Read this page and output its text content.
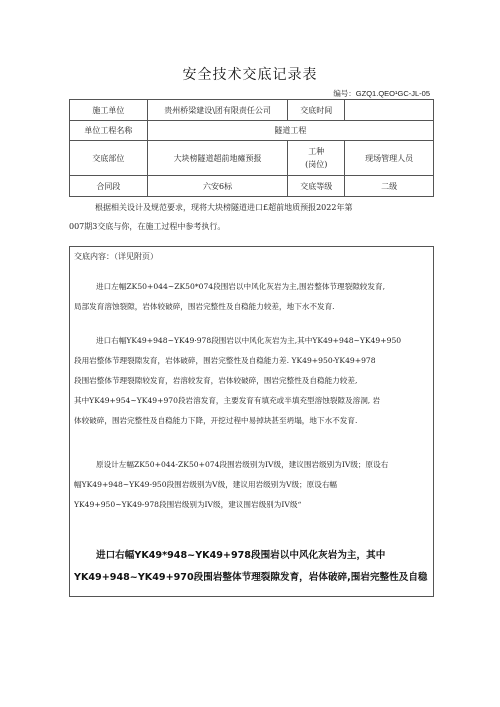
安全技术交底记录表
编号：GZQ1.QEO¹GC-JL-05
施工单位	贵州桥梁建设\团有限责任公司	交底时间	
单位工程名称	隧道工程		
交底部位	大块榜隧道超前地瘫预报	工种
(岗位)	现场管理人员
合同段	六安6标	交底等级	二级
根据相关设计及规范要求，现将大块榜隧道进口£超前地质预报2022年第
007期3交底与你，在施工过程中参考执行。
交底内容：（详见附页）
进口左幅ZK50+044~ZK50*074段围岩以中风化灰岩为主,围岩整体节理裂隙较发育,
局部发育溶蚀裂隙，岩体较破碎，围岩完整性及自稳能力较差，地下水不发育.
进口右幅YK49+948~YK49·978段围岩以中风化灰岩为主,其中YK49+948~YK49+950
段用岩整体节理裂隙发育，岩体破碎，围岩完整性及自稳能力差. YK49+950-YK49+978
段围岩整体节理裂隙较发育，岩溶较发育，岩体较破碎，围岩完整性及自稳能力较差,
其中YK49+954~YK49+970段岩溶发育，主要发育有填充或半填充型溶蚀裂隙及溶洞, 岩
体较破碎，围岩完整性及自稳能力下降，开挖过程中易掉块甚至坍塌，地下水不发育.
原设计左幅ZK50+044-ZK50+074段围岩级别为IV级，建议围岩级别为IV级；原设右
幅YK49+948~YK49-950段围岩级别为V级，建议用岩级别为V级；原设右幅
YK49+950~YK49-978段围岩级别为IV级，建议围岩级别为IV级“
进口右幅YK49*948~YK49+978段围岩以中风化灰岩为主，其中
YK49+948~YK49+970段围岩整体节理裂隙发育，岩体破碎,围岩完整性及自稳
